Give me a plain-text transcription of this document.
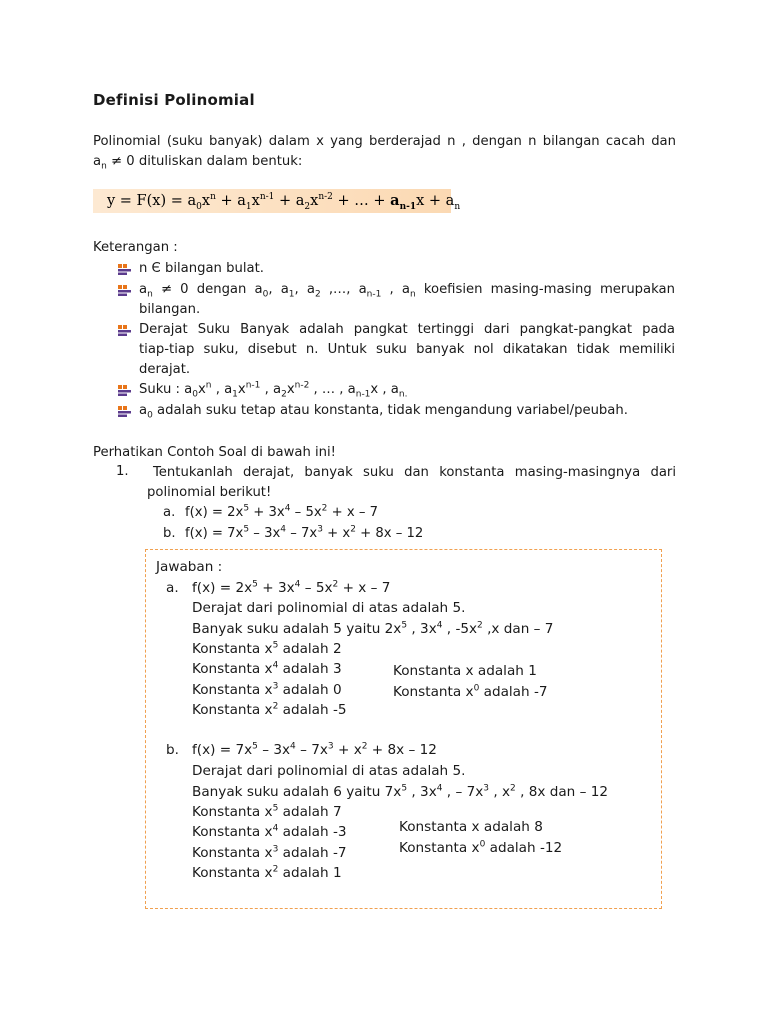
Definisi Polinomial
Polinomial (suku banyak) dalam x yang berderajad n , dengan n bilangan cacah dan
$a_n \ne 0$ dituliskan dalam bentuk:
$y = F(x) = a_0x^n + a_1x^{n-1} + a_2x^{n-2}$ + … + $a_{n-1}x + a_n$
Keterangan :
n Є bilangan bulat.
$a_n \ne 0$ dengan $a_0$, $a_1$, $a_2$ ,…, $a_{n-1}$ , $a_n$ koefisien masing-masing merupakan
bilangan.
Derajat Suku Banyak adalah pangkat tertinggi dari pangkat-pangkat pada
tiap-tiap suku, disebut n. Untuk suku banyak nol dikatakan tidak memiliki
derajat.
Suku : $a_0x^n$ , $a_1x^{n-1}$ , $a_2x^{n-2}$ , … , $a_{n-1}x$ , $a_{n.}$
$a_0$ adalah suku tetap atau konstanta, tidak mengandung variabel/peubah.
Perhatikan Contoh Soal di bawah ini!
1. Tentukanlah derajat, banyak suku dan konstanta masing-masingnya dari
polinomial berikut!
a. $f(x) = 2x^5 + 3x^4 - 5x^2 + x - 7$
b. $f(x) = 7x^5 - 3x^4 - 7x^3 + x^2 + 8x - 12$
Jawaban :
a. $f(x) = 2x^5 + 3x^4 - 5x^2 + x - 7$
Derajat dari polinomial di atas adalah 5.
Banyak suku adalah 5 yaitu $2x^5$ , $3x^4$ , $-5x^2$ ,x dan – 7
Konstanta $x^5$ adalah 2
Konstanta $x^4$ adalah 3
Konstanta $x^3$ adalah 0
Konstanta $x^2$ adalah -5
Konstanta x adalah 1
Konstanta $x^0$ adalah -7
b. $f(x) = 7x^5 - 3x^4 - 7x^3 + x^2 + 8x - 12$
Derajat dari polinomial di atas adalah 5.
Banyak suku adalah 6 yaitu $7x^5$ , $3x^4$ , – $7x^3$ , $x^2$ , 8x dan – 12
Konstanta $x^5$ adalah 7
Konstanta $x^4$ adalah -3
Konstanta $x^3$ adalah -7
Konstanta $x^2$ adalah 1
Konstanta x adalah 8
Konstanta $x^0$ adalah -12
